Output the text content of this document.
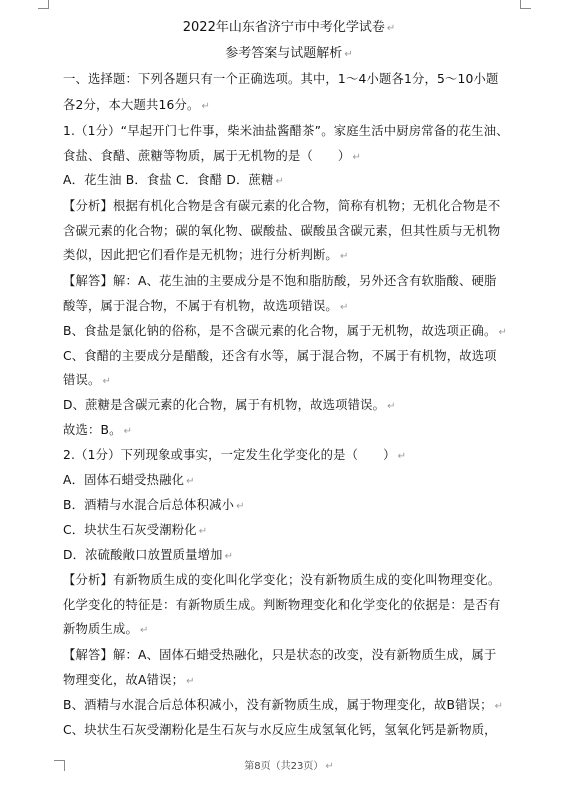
2022年山东省济宁市中考化学试卷 ↵
参考答案与试题解析 ↵
一、选择题：下列各题只有一个正确选项。其中，1～4小题各1分，5～10小题
各2分，本大题共16分。 ↵
1.（1分）“早起开门七件事，柴米油盐酱醋茶”。家庭生活中厨房常备的花生油、
食盐、食醋、蔗糖等物质，属于无机物的是（　　） ↵
A．花生油 B．食盐 C．食醋 D．蔗糖 ↵
【分析】根据有机化合物是含有碳元素的化合物，简称有机物；无机化合物是不
含碳元素的化合物；碳的氧化物、碳酸盐、碳酸虽含碳元素，但其性质与无机物
类似，因此把它们看作是无机物；进行分析判断。 ↵
【解答】解：A、花生油的主要成分是不饱和脂肪酸，另外还含有软脂酸、硬脂
酸等，属于混合物，不属于有机物，故选项错误。 ↵
B、食盐是氯化钠的俗称，是不含碳元素的化合物，属于无机物，故选项正确。 ↵
C、食醋的主要成分是醋酸，还含有水等，属于混合物，不属于有机物，故选项
错误。 ↵
D、蔗糖是含碳元素的化合物，属于有机物，故选项错误。 ↵
故选：B。 ↵
2.（1分）下列现象或事实，一定发生化学变化的是（　　） ↵
A．固体石蜡受热融化 ↵
B．酒精与水混合后总体积减小 ↵
C．块状生石灰受潮粉化 ↵
D．浓硫酸敞口放置质量增加 ↵
【分析】有新物质生成的变化叫化学变化；没有新物质生成的变化叫物理变化。
化学变化的特征是：有新物质生成。判断物理变化和化学变化的依据是：是否有
新物质生成。 ↵
【解答】解：A、固体石蜡受热融化，只是状态的改变，没有新物质生成，属于
物理变化，故A错误； ↵
B、酒精与水混合后总体积减小，没有新物质生成，属于物理变化，故B错误； ↵
C、块状生石灰受潮粉化是生石灰与水反应生成氢氧化钙，氢氧化钙是新物质，
第8页（共23页） ↵
